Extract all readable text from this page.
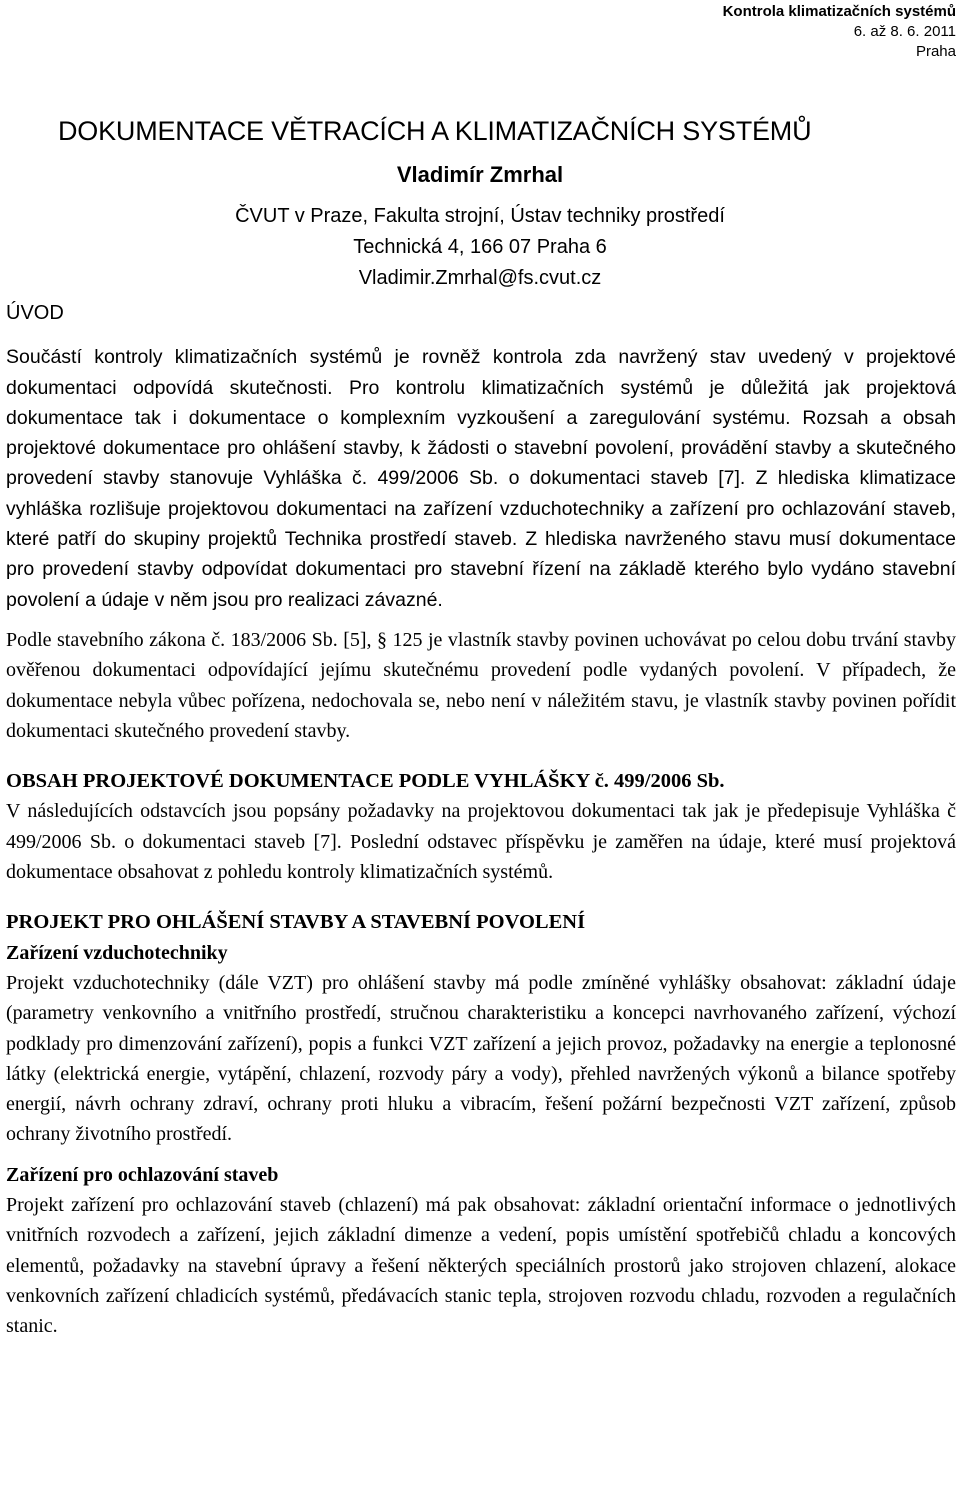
Kontrola klimatizačních systémů
6. až 8. 6. 2011
Praha
DOKUMENTACE VĚTRACÍCH A KLIMATIZAČNÍCH SYSTÉMŮ
Vladimír Zmrhal
ČVUT v Praze, Fakulta strojní, Ústav techniky prostředí
Technická 4, 166 07 Praha 6
Vladimir.Zmrhal@fs.cvut.cz
ÚVOD

Součástí kontroly klimatizačních systémů je rovněž kontrola zda navržený stav uvedený v projektové dokumentaci odpovídá skutečnosti. Pro kontrolu klimatizačních systémů je důležitá jak projektová dokumentace tak i dokumentace o komplexním vyzkoušení a zaregulování systému. Rozsah a obsah projektové dokumentace pro ohlášení stavby, k žádosti o stavební povolení, provádění stavby a skutečného provedení stavby stanovuje Vyhláška č. 499/2006 Sb. o dokumentaci staveb [7]. Z hlediska klimatizace vyhláška rozlišuje projektovou dokumentaci na zařízení vzduchotechniky a zařízení pro ochlazování staveb, které patří do skupiny projektů Technika prostředí staveb. Z hlediska navrženého stavu musí dokumentace pro provedení stavby odpovídat dokumentaci pro stavební řízení na základě kterého bylo vydáno stavební povolení a údaje v něm jsou pro realizaci závazné.

Podle stavebního zákona č. 183/2006 Sb. [5], § 125 je vlastník stavby povinen uchovávat po celou dobu trvání stavby ověřenou dokumentaci odpovídající jejímu skutečnému provedení podle vydaných povolení. V případech, že dokumentace nebyla vůbec pořízena, nedochovala se, nebo není v náležitém stavu, je vlastník stavby povinen pořídit dokumentaci skutečného provedení stavby.

OBSAH PROJEKTOVÉ DOKUMENTACE PODLE VYHLÁŠKY č. 499/2006 Sb.

V následujících odstavcích jsou popsány požadavky na projektovou dokumentaci tak jak je předepisuje Vyhláška č 499/2006 Sb. o dokumentaci staveb [7]. Poslední odstavec příspěvku je zaměřen na údaje, které musí projektová dokumentace obsahovat z pohledu kontroly klimatizačních systémů.

PROJEKT PRO OHLÁŠENÍ STAVBY A STAVEBNÍ POVOLENÍ
Zařízení vzduchotechniky

Projekt vzduchotechniky (dále VZT) pro ohlášení stavby má podle zmíněné vyhlášky obsahovat: základní údaje (parametry venkovního a vnitřního prostředí, stručnou charakteristiku a koncepci navrhovaného zařízení, výchozí podklady pro dimenzování zařízení), popis a funkci VZT zařízení a jejich provoz, požadavky na energie a teplonosné látky (elektrická energie, vytápění, chlazení, rozvody páry a vody), přehled navržených výkonů a bilance spotřeby energií, návrh ochrany zdraví, ochrany proti hluku a vibracím, řešení požární bezpečnosti VZT zařízení, způsob ochrany životního prostředí.

Zařízení pro ochlazování staveb

Projekt zařízení pro ochlazování staveb (chlazení) má pak obsahovat: základní orientační informace o jednotlivých vnitřních rozvodech a zařízení, jejich základní dimenze a vedení, popis umístění spotřebičů chladu a koncových elementů, požadavky na stavební úpravy a řešení některých speciálních prostorů jako strojoven chlazení, alokace venkovních zařízení chladicích systémů, předávacích stanic tepla, strojoven rozvodu chladu, rozvoden a regulačních stanic.
